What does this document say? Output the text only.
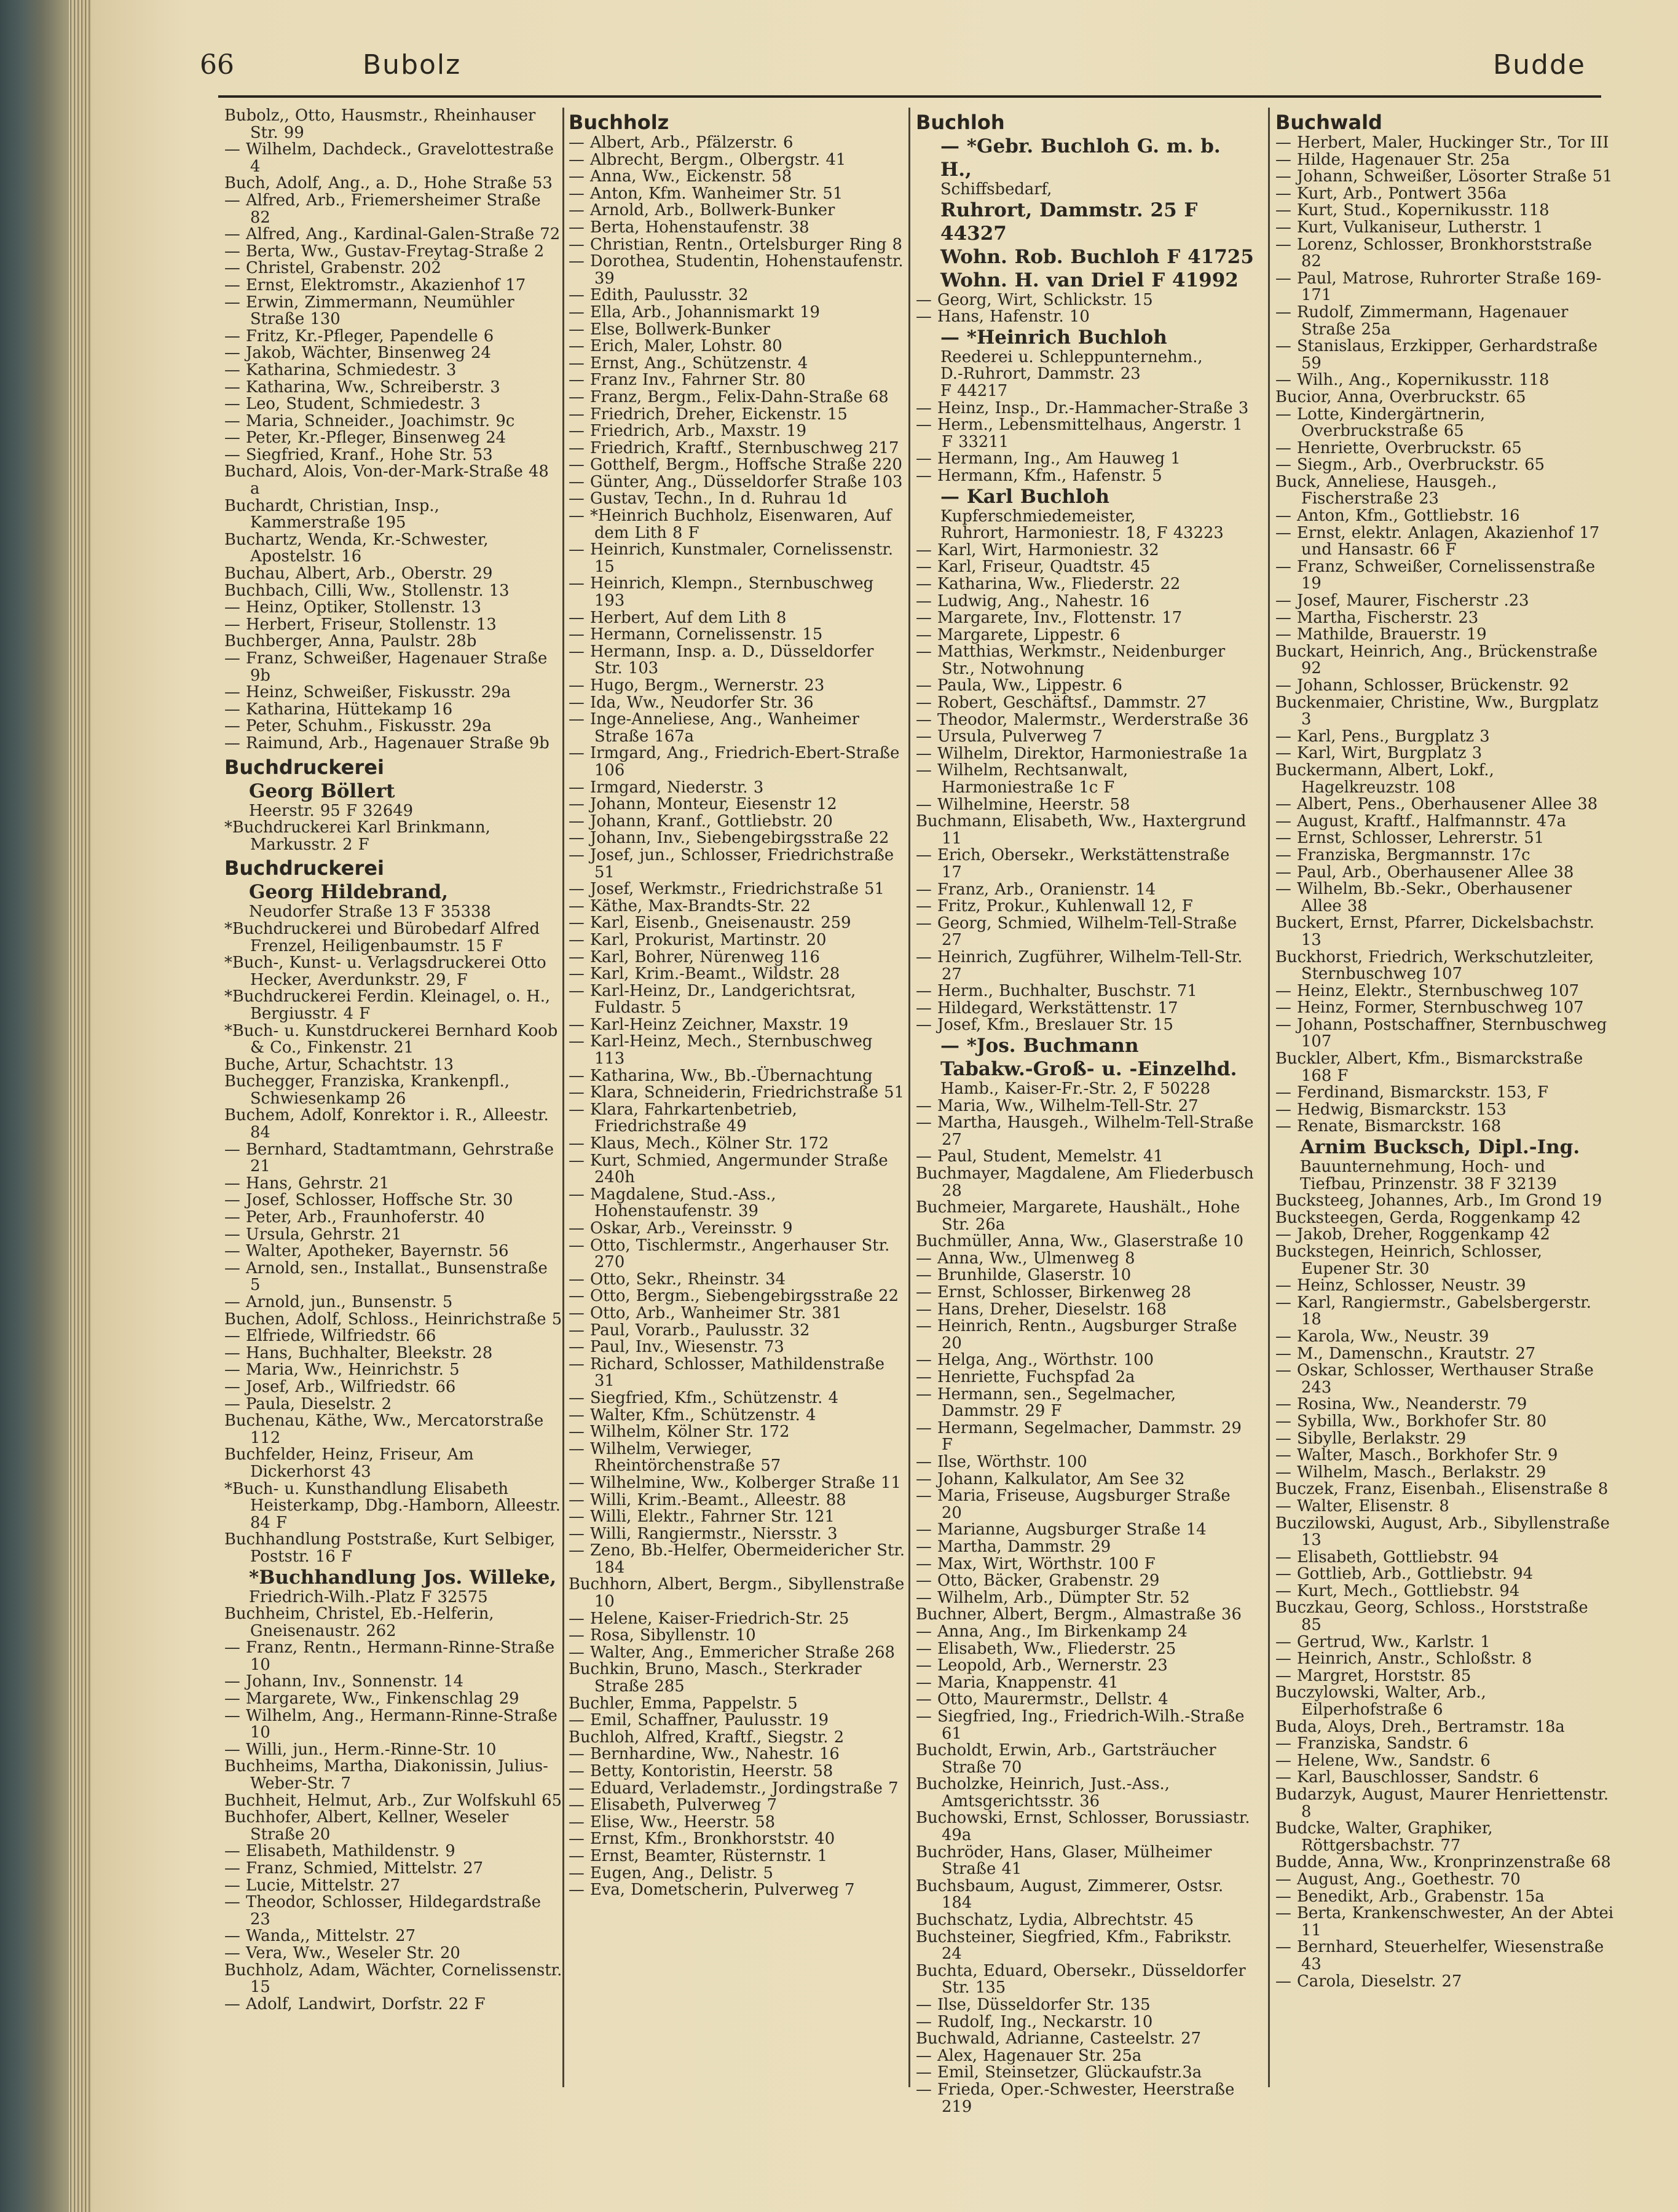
66	Bubolz	Budde
Bubolz,, Otto, Hausmstr., Rheinhauser Str. 99
— Wilhelm, Dachdeck., Gravelottestraße 4
Buch, Adolf, Ang., a. D., Hohe Straße 53
— Alfred, Arb., Friemersheimer Straße 82
— Alfred, Ang., Kardinal-Galen-Straße 72
— Berta, Ww., Gustav-Freytag-Straße 2
— Christel, Grabenstr. 202
— Ernst, Elektromstr., Akazienhof 17
— Erwin, Zimmermann, Neumühler Straße 130
— Fritz, Kr.-Pfleger, Papendelle 6
— Jakob, Wächter, Binsenweg 24
— Katharina, Schmiedestr. 3
— Katharina, Ww., Schreiberstr. 3
— Leo, Student, Schmiedestr. 3
— Maria, Schneider., Joachimstr. 9c
— Peter, Kr.-Pfleger, Binsenweg 24
— Siegfried, Kranf., Hohe Str. 53
Buchard, Alois, Von-der-Mark-Straße 48 a
Buchardt, Christian, Insp., Kammerstraße 195
Buchartz, Wenda, Kr.-Schwester, Apostelstr. 16
Buchau, Albert, Arb., Oberstr. 29
Buchbach, Cilli, Ww., Stollenstr. 13
— Heinz, Optiker, Stollenstr. 13
— Herbert, Friseur, Stollenstr. 13
Buchberger, Anna, Paulstr. 28b
— Franz, Schweißer, Hagenauer Straße 9b
— Heinz, Schweißer, Fiskusstr. 29a
— Katharina, Hüttekamp 16
— Peter, Schuhm., Fiskusstr. 29a
— Raimund, Arb., Hagenauer Straße 9b
Buchdruckerei
Georg Böllert
Heerstr. 95 F 32649
*Buchdruckerei Karl Brinkmann, Markusstr. 2 F
Buchdruckerei
Georg Hildebrand,
Neudorfer Straße 13 F 35338
*Buchdruckerei und Bürobedarf Alfred Frenzel, Heiligenbaumstr. 15 F
*Buch-, Kunst- u. Verlagsdruckerei Otto Hecker, Averdunkstr. 29, F
*Buchdruckerei Ferdin. Kleinagel, o. H., Bergiusstr. 4 F
*Buch- u. Kunstdruckerei Bernhard Koob & Co., Finkenstr. 21
Buche, Artur, Schachtstr. 13
Buchegger, Franziska, Krankenpfl., Schwiesenkamp 26
Buchem, Adolf, Konrektor i. R., Alleestr. 84
— Bernhard, Stadtamtmann, Gehrstraße 21
— Hans, Gehrstr. 21
— Josef, Schlosser, Hoffsche Str. 30
— Peter, Arb., Fraunhoferstr. 40
— Ursula, Gehrstr. 21
— Walter, Apotheker, Bayernstr. 56
— Arnold, sen., Installat., Bunsenstraße 5
— Arnold, jun., Bunsenstr. 5
Buchen, Adolf, Schloss., Heinrichstraße 5
— Elfriede, Wilfriedstr. 66
— Hans, Buchhalter, Bleekstr. 28
— Maria, Ww., Heinrichstr. 5
— Josef, Arb., Wilfriedstr. 66
— Paula, Dieselstr. 2
Buchenau, Käthe, Ww., Mercatorstraße 112
Buchfelder, Heinz, Friseur, Am Dickerhorst 43
*Buch- u. Kunsthandlung Elisabeth Heisterkamp, Dbg.-Hamborn, Alleestr. 84 F
Buchhandlung Poststraße, Kurt Selbiger, Poststr. 16 F
*Buchhandlung Jos. Willeke,
Friedrich-Wilh.-Platz F 32575
Buchheim, Christel, Eb.-Helferin, Gneisenaustr. 262
— Franz, Rentn., Hermann-Rinne-Straße 10
— Johann, Inv., Sonnenstr. 14
— Margarete, Ww., Finkenschlag 29
— Wilhelm, Ang., Hermann-Rinne-Straße 10
— Willi, jun., Herm.-Rinne-Str. 10
Buchheims, Martha, Diakonissin, Julius-Weber-Str. 7
Buchheit, Helmut, Arb., Zur Wolfskuhl 65
Buchhofer, Albert, Kellner, Weseler Straße 20
— Elisabeth, Mathildenstr. 9
— Franz, Schmied, Mittelstr. 27
— Lucie, Mittelstr. 27
— Theodor, Schlosser, Hildegardstraße 23
— Wanda,, Mittelstr. 27
— Vera, Ww., Weseler Str. 20
Buchholz, Adam, Wächter, Cornelissenstr. 15
— Adolf, Landwirt, Dorfstr. 22 F
Buchholz
— Albert, Arb., Pfälzerstr. 6
— Albrecht, Bergm., Olbergstr. 41
— Anna, Ww., Eickenstr. 58
— Anton, Kfm. Wanheimer Str. 51
— Arnold, Arb., Bollwerk-Bunker
— Berta, Hohenstaufenstr. 38
— Christian, Rentn., Ortelsburger Ring 8
— Dorothea, Studentin, Hohenstaufenstr. 39
— Edith, Paulusstr. 32
— Ella, Arb., Johannismarkt 19
— Else, Bollwerk-Bunker
— Erich, Maler, Lohstr. 80
— Ernst, Ang., Schützenstr. 4
— Franz Inv., Fahrner Str. 80
— Franz, Bergm., Felix-Dahn-Straße 68
— Friedrich, Dreher, Eickenstr. 15
— Friedrich, Arb., Maxstr. 19
— Friedrich, Kraftf., Sternbuschweg 217
— Gotthelf, Bergm., Hoffsche Straße 220
— Günter, Ang., Düsseldorfer Straße 103
— Gustav, Techn., In d. Ruhrau 1d
— *Heinrich Buchholz, Eisenwaren, Auf dem Lith 8 F
— Heinrich, Kunstmaler, Cornelissenstr. 15
— Heinrich, Klempn., Sternbuschweg 193
— Herbert, Auf dem Lith 8
— Hermann, Cornelissenstr. 15
— Hermann, Insp. a. D., Düsseldorfer Str. 103
— Hugo, Bergm., Wernerstr. 23
— Ida, Ww., Neudorfer Str. 36
— Inge-Anneliese, Ang., Wanheimer Straße 167a
— Irmgard, Ang., Friedrich-Ebert-Straße 106
— Irmgard, Niederstr. 3
— Johann, Monteur, Eiesenstr 12
— Johann, Kranf., Gottliebstr. 20
— Johann, Inv., Siebengebirgsstraße 22
— Josef, jun., Schlosser, Friedrichstraße 51
— Josef, Werkmstr., Friedrichstraße 51
— Käthe, Max-Brandts-Str. 22
— Karl, Eisenb., Gneisenaustr. 259
— Karl, Prokurist, Martinstr. 20
— Karl, Bohrer, Nürenweg 116
— Karl, Krim.-Beamt., Wildstr. 28
— Karl-Heinz, Dr., Landgerichtsrat, Fuldastr. 5
— Karl-Heinz Zeichner, Maxstr. 19
— Karl-Heinz, Mech., Sternbuschweg 113
— Katharina, Ww., Bb.-Übernachtung
— Klara, Schneiderin, Friedrichstraße 51
— Klara, Fahrkartenbetrieb, Friedrichstraße 49
— Klaus, Mech., Kölner Str. 172
— Kurt, Schmied, Angermunder Straße 240h
— Magdalene, Stud.-Ass., Hohenstaufenstr. 39
— Oskar, Arb., Vereinsstr. 9
— Otto, Tischlermstr., Angerhauser Str. 270
— Otto, Sekr., Rheinstr. 34
— Otto, Bergm., Siebengebirgsstraße 22
— Otto, Arb., Wanheimer Str. 381
— Paul, Vorarb., Paulusstr. 32
— Paul, Inv., Wiesenstr. 73
— Richard, Schlosser, Mathildenstraße 31
— Siegfried, Kfm., Schützenstr. 4
— Walter, Kfm., Schützenstr. 4
— Wilhelm, Kölner Str. 172
— Wilhelm, Verwieger, Rheintörchenstraße 57
— Wilhelmine, Ww., Kolberger Straße 11
— Willi, Krim.-Beamt., Alleestr. 88
— Willi, Elektr., Fahrner Str. 121
— Willi, Rangiermstr., Niersstr. 3
— Zeno, Bb.-Helfer, Obermeidericher Str. 184
Buchhorn, Albert, Bergm., Sibyllenstraße 10
— Helene, Kaiser-Friedrich-Str. 25
— Rosa, Sibyllenstr. 10
— Walter, Ang., Emmericher Straße 268
Buchkin, Bruno, Masch., Sterkrader Straße 285
Buchler, Emma, Pappelstr. 5
— Emil, Schaffner, Paulusstr. 19
Buchloh, Alfred, Kraftf., Siegstr. 2
— Bernhardine, Ww., Nahestr. 16
— Betty, Kontoristin, Heerstr. 58
— Eduard, Verlademstr., Jordingstraße 7
— Elisabeth, Pulverweg 7
— Elise, Ww., Heerstr. 58
— Ernst, Kfm., Bronkhorststr. 40
— Ernst, Beamter, Rüsternstr. 1
— Eugen, Ang., Delistr. 5
— Eva, Dometscherin, Pulverweg 7
Buchloh
— *Gebr. Buchloh G. m. b. H.,
Schiffsbedarf,
Ruhrort, Dammstr. 25 F 44327
Wohn. Rob. Buchloh F 41725
Wohn. H. van Driel F 41992
— Georg, Wirt, Schlickstr. 15
— Hans, Hafenstr. 10
— *Heinrich Buchloh
Reederei u. Schleppunternehm.,
D.-Ruhrort, Dammstr. 23
F 44217
— Heinz, Insp., Dr.-Hammacher-Straße 3
— Herm., Lebensmittelhaus, Angerstr. 1 F 33211
— Hermann, Ing., Am Hauweg 1
— Hermann, Kfm., Hafenstr. 5
— Karl Buchloh
Kupferschmiedemeister,
Ruhrort, Harmoniestr. 18, F 43223
— Karl, Wirt, Harmoniestr. 32
— Karl, Friseur, Quadtstr. 45
— Katharina, Ww., Fliederstr. 22
— Ludwig, Ang., Nahestr. 16
— Margarete, Inv., Flottenstr. 17
— Margarete, Lippestr. 6
— Matthias, Werkmstr., Neidenburger Str., Notwohnung
— Paula, Ww., Lippestr. 6
— Robert, Geschäftsf., Dammstr. 27
— Theodor, Malermstr., Werderstraße 36
— Ursula, Pulverweg 7
— Wilhelm, Direktor, Harmoniestraße 1a
— Wilhelm, Rechtsanwalt, Harmoniestraße 1c F
— Wilhelmine, Heerstr. 58
Buchmann, Elisabeth, Ww., Haxtergrund 11
— Erich, Obersekr., Werkstättenstraße 17
— Franz, Arb., Oranienstr. 14
— Fritz, Prokur., Kuhlenwall 12, F
— Georg, Schmied, Wilhelm-Tell-Straße 27
— Heinrich, Zugführer, Wilhelm-Tell-Str. 27
— Herm., Buchhalter, Buschstr. 71
— Hildegard, Werkstättenstr. 17
— Josef, Kfm., Breslauer Str. 15
— *Jos. Buchmann
Tabakw.-Groß- u. -Einzelhd.
Hamb., Kaiser-Fr.-Str. 2, F 50228
— Maria, Ww., Wilhelm-Tell-Str. 27
— Martha, Hausgeh., Wilhelm-Tell-Straße 27
— Paul, Student, Memelstr. 41
Buchmayer, Magdalene, Am Fliederbusch 28
Buchmeier, Margarete, Haushält., Hohe Str. 26a
Buchmüller, Anna, Ww., Glaserstraße 10
— Anna, Ww., Ulmenweg 8
— Brunhilde, Glaserstr. 10
— Ernst, Schlosser, Birkenweg 28
— Hans, Dreher, Dieselstr. 168
— Heinrich, Rentn., Augsburger Straße 20
— Helga, Ang., Wörthstr. 100
— Henriette, Fuchspfad 2a
— Hermann, sen., Segelmacher, Dammstr. 29 F
— Hermann, Segelmacher, Dammstr. 29 F
— Ilse, Wörthstr. 100
— Johann, Kalkulator, Am See 32
— Maria, Friseuse, Augsburger Straße 20
— Marianne, Augsburger Straße 14
— Martha, Dammstr. 29
— Max, Wirt, Wörthstr. 100 F
— Otto, Bäcker, Grabenstr. 29
— Wilhelm, Arb., Dümpter Str. 52
Buchner, Albert, Bergm., Almastraße 36
— Anna, Ang., Im Birkenkamp 24
— Elisabeth, Ww., Fliederstr. 25
— Leopold, Arb., Wernerstr. 23
— Maria, Knappenstr. 41
— Otto, Maurermstr., Dellstr. 4
— Siegfried, Ing., Friedrich-Wilh.-Straße 61
Bucholdt, Erwin, Arb., Gartsträucher Straße 70
Bucholzke, Heinrich, Just.-Ass., Amtsgerichtsstr. 36
Buchowski, Ernst, Schlosser, Borussiastr. 49a
Buchröder, Hans, Glaser, Mülheimer Straße 41
Buchsbaum, August, Zimmerer, Ostsr. 184
Buchschatz, Lydia, Albrechtstr. 45
Buchsteiner, Siegfried, Kfm., Fabrikstr. 24
Buchta, Eduard, Obersekr., Düsseldorfer Str. 135
— Ilse, Düsseldorfer Str. 135
— Rudolf, Ing., Neckarstr. 10
Buchwald, Adrianne, Casteelstr. 27
— Alex, Hagenauer Str. 25a
— Emil, Steinsetzer, Glückaufstr.3a
— Frieda, Oper.-Schwester, Heerstraße 219
Buchwald
— Herbert, Maler, Huckinger Str., Tor III
— Hilde, Hagenauer Str. 25a
— Johann, Schweißer, Lösorter Straße 51
— Kurt, Arb., Pontwert 356a
— Kurt, Stud., Kopernikusstr. 118
— Kurt, Vulkaniseur, Lutherstr. 1
— Lorenz, Schlosser, Bronkhorststraße 82
— Paul, Matrose, Ruhrorter Straße 169-171
— Rudolf, Zimmermann, Hagenauer Straße 25a
— Stanislaus, Erzkipper, Gerhardstraße 59
— Wilh., Ang., Kopernikusstr. 118
Bucior, Anna, Overbruckstr. 65
— Lotte, Kindergärtnerin, Overbruckstraße 65
— Henriette, Overbruckstr. 65
— Siegm., Arb., Overbruckstr. 65
Buck, Anneliese, Hausgeh., Fischerstraße 23
— Anton, Kfm., Gottliebstr. 16
— Ernst, elektr. Anlagen, Akazienhof 17 und Hansastr. 66 F
— Franz, Schweißer, Cornelissenstraße 19
— Josef, Maurer, Fischerstr .23
— Martha, Fischerstr. 23
— Mathilde, Brauerstr. 19
Buckart, Heinrich, Ang., Brückenstraße 92
— Johann, Schlosser, Brückenstr. 92
Buckenmaier, Christine, Ww., Burgplatz 3
— Karl, Pens., Burgplatz 3
— Karl, Wirt, Burgplatz 3
Buckermann, Albert, Lokf., Hagelkreuzstr. 108
— Albert, Pens., Oberhausener Allee 38
— August, Kraftf., Halfmannstr. 47a
— Ernst, Schlosser, Lehrerstr. 51
— Franziska, Bergmannstr. 17c
— Paul, Arb., Oberhausener Allee 38
— Wilhelm, Bb.-Sekr., Oberhausener Allee 38
Buckert, Ernst, Pfarrer, Dickelsbachstr. 13
Buckhorst, Friedrich, Werkschutzleiter, Sternbuschweg 107
— Heinz, Elektr., Sternbuschweg 107
— Heinz, Former, Sternbuschweg 107
— Johann, Postschaffner, Sternbuschweg 107
Buckler, Albert, Kfm., Bismarckstraße 168 F
— Ferdinand, Bismarckstr. 153, F
— Hedwig, Bismarckstr. 153
— Renate, Bismarckstr. 168
Arnim Bucksch, Dipl.-Ing.
Bauunternehmung, Hoch- und Tiefbau, Prinzenstr. 38 F 32139
Bucksteeg, Johannes, Arb., Im Grond 19
Bucksteegen, Gerda, Roggenkamp 42
— Jakob, Dreher, Roggenkamp 42
Buckstegen, Heinrich, Schlosser, Eupener Str. 30
— Heinz, Schlosser, Neustr. 39
— Karl, Rangiermstr., Gabelsbergerstr. 18
— Karola, Ww., Neustr. 39
— M., Damenschn., Krautstr. 27
— Oskar, Schlosser, Werthauser Straße 243
— Rosina, Ww., Neanderstr. 79
— Sybilla, Ww., Borkhofer Str. 80
— Sibylle, Berlakstr. 29
— Walter, Masch., Borkhofer Str. 9
— Wilhelm, Masch., Berlakstr. 29
Buczek, Franz, Eisenbah., Elisenstraße 8
— Walter, Elisenstr. 8
Buczilowski, August, Arb., Sibyllenstraße 13
— Elisabeth, Gottliebstr. 94
— Gottlieb, Arb., Gottliebstr. 94
— Kurt, Mech., Gottliebstr. 94
Buczkau, Georg, Schloss., Horststraße 85
— Gertrud, Ww., Karlstr. 1
— Heinrich, Anstr., Schloßstr. 8
— Margret, Horststr. 85
Buczylowski, Walter, Arb., Eilperhofstraße 6
Buda, Aloys, Dreh., Bertramstr. 18a
— Franziska, Sandstr. 6
— Helene, Ww., Sandstr. 6
— Karl, Bauschlosser, Sandstr. 6
Budarzyk, August, Maurer Henriettenstr. 8
Budcke, Walter, Graphiker, Röttgersbachstr. 77
Budde, Anna, Ww., Kronprinzenstraße 68
— August, Ang., Goethestr. 70
— Benedikt, Arb., Grabenstr. 15a
— Berta, Krankenschwester, An der Abtei 11
— Bernhard, Steuerhelfer, Wiesenstraße 43
— Carola, Dieselstr. 27
